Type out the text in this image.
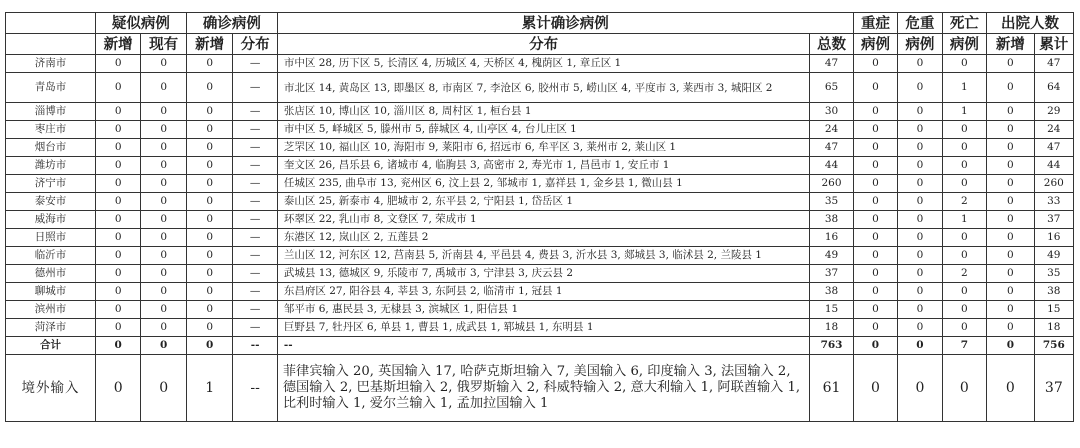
	疑似病例		确诊病例		累计确诊病例		重症	危重	死亡	出院人数	
	新增	现有	新增	分布	分布	总数	病例	病例	病例	新增	累计
济南市	0	0	0	—	市中区 28, 历下区 5, 长清区 4, 历城区 4, 天桥区 4, 槐荫区 1, 章丘区 1	47	0	0	0	0	47
青岛市	0	0	0	—	市北区 14, 黄岛区 13, 即墨区 8, 市南区 7, 李沧区 6, 胶州市 5, 崂山区 4, 平度市 3, 莱西市 3, 城阳区 2	65	0	0	1	0	64
淄博市	0	0	0	—	张店区 10, 博山区 10, 淄川区 8, 周村区 1, 桓台县 1	30	0	0	1	0	29
枣庄市	0	0	0	—	市中区 5, 峄城区 5, 滕州市 5, 薛城区 4, 山亭区 4, 台儿庄区 1	24	0	0	0	0	24
烟台市	0	0	0	—	芝罘区 10, 福山区 10, 海阳市 9, 莱阳市 6, 招远市 6, 牟平区 3, 莱州市 2, 莱山区 1	47	0	0	0	0	47
潍坊市	0	0	0	—	奎文区 26, 昌乐县 6, 诸城市 4, 临朐县 3, 高密市 2, 寿光市 1, 昌邑市 1, 安丘市 1	44	0	0	0	0	44
济宁市	0	0	0	—	任城区 235, 曲阜市 13, 兖州区 6, 汶上县 2, 邹城市 1, 嘉祥县 1, 金乡县 1, 微山县 1	260	0	0	0	0	260
泰安市	0	0	0	—	泰山区 25, 新泰市 4, 肥城市 2, 东平县 2, 宁阳县 1, 岱岳区 1	35	0	0	2	0	33
威海市	0	0	0	—	环翠区 22, 乳山市 8, 文登区 7, 荣成市 1	38	0	0	1	0	37
日照市	0	0	0	—	东港区 12, 岚山区 2, 五莲县 2	16	0	0	0	0	16
临沂市	0	0	0	—	兰山区 12, 河东区 12, 莒南县 5, 沂南县 4, 平邑县 4, 费县 3, 沂水县 3, 郯城县 3, 临沭县 2, 兰陵县 1	49	0	0	0	0	49
德州市	0	0	0	—	武城县 13, 德城区 9, 乐陵市 7, 禹城市 3, 宁津县 3, 庆云县 2	37	0	0	2	0	35
聊城市	0	0	0	—	东昌府区 27, 阳谷县 4, 莘县 3, 东阿县 2, 临清市 1, 冠县 1	38	0	0	0	0	38
滨州市	0	0	0	—	邹平市 6, 惠民县 3, 无棣县 3, 滨城区 1, 阳信县 1	15	0	0	0	0	15
菏泽市	0	0	0	—	巨野县 7, 牡丹区 6, 单县 1, 曹县 1, 成武县 1, 郓城县 1, 东明县 1	18	0	0	0	0	18
合计	0	0	0	--	--	763	0	0	7	0	756
境外输入	0	0	1	--	菲律宾输入 20, 英国输入 17, 哈萨克斯坦输入 7, 美国输入 6, 印度输入 3, 法国输入 2, 德国输入 2, 巴基斯坦输入 2, 俄罗斯输入 2, 科威特输入 2, 意大利输入 1, 阿联酋输入 1, 比利时输入 1, 爱尔兰输入 1, 孟加拉国输入 1	61	0	0	0	0	37
